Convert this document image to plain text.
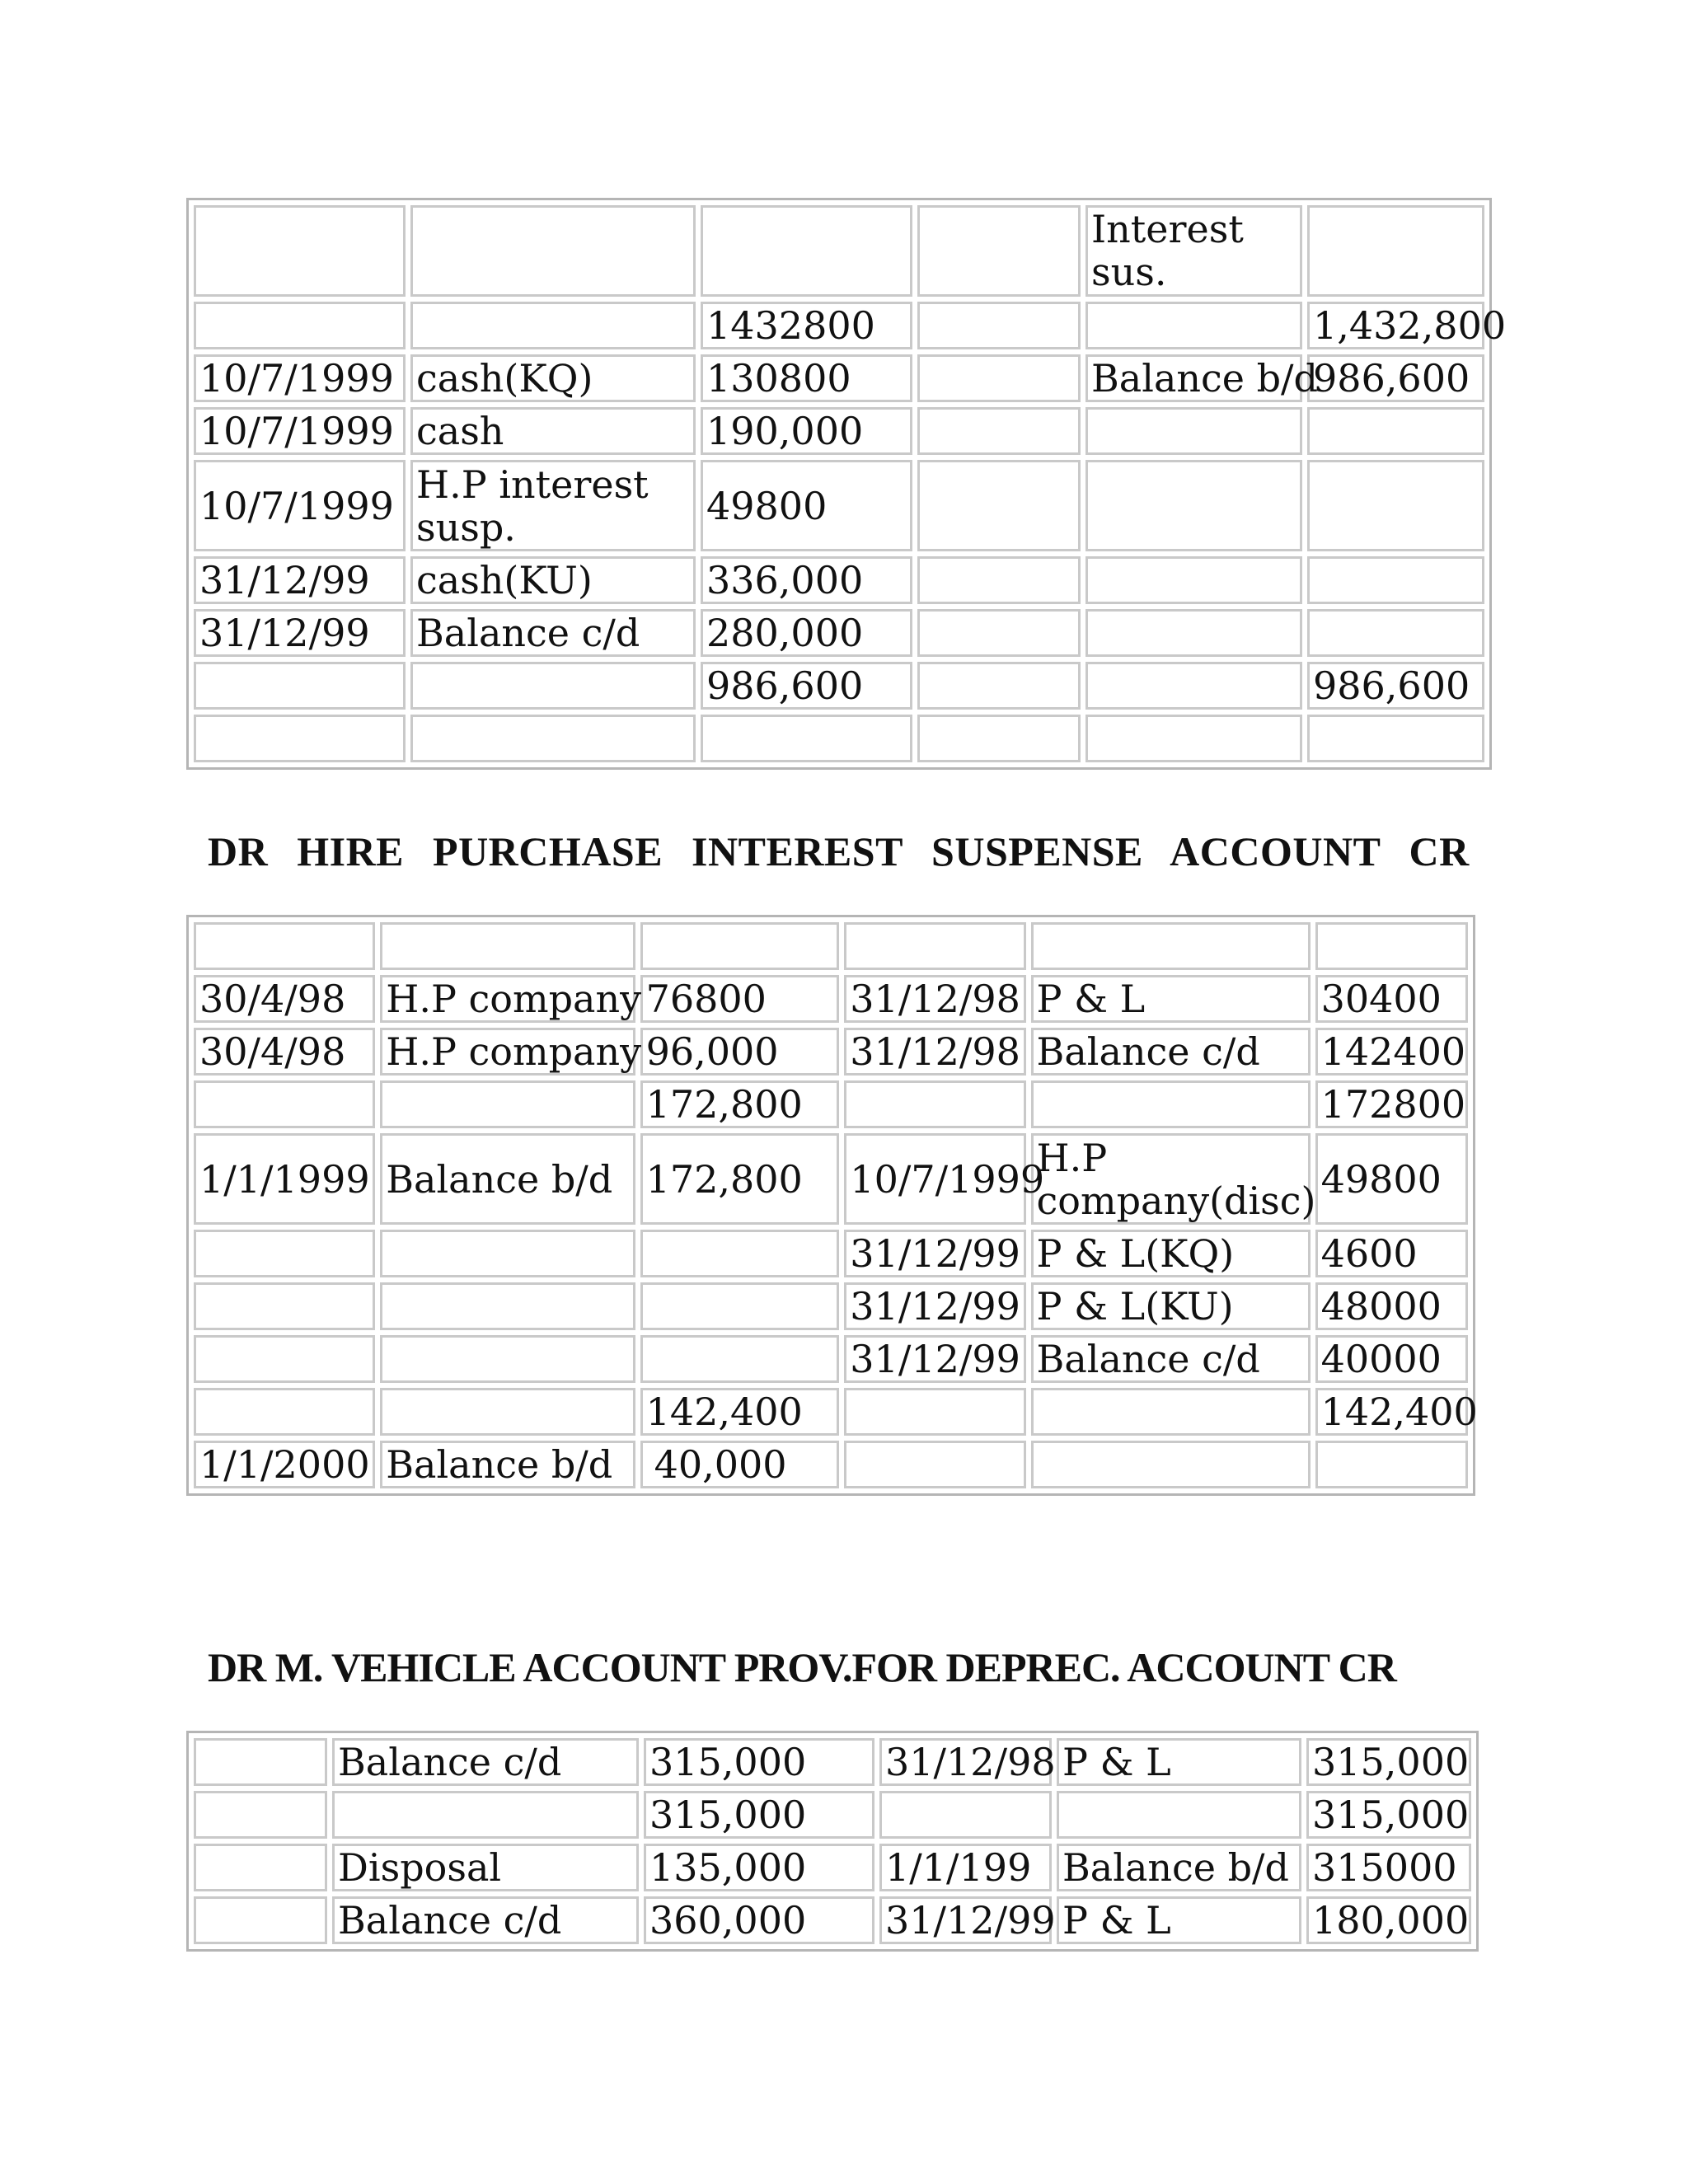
				Interest sus.	
		1432800			1,432,800
10/7/1999	cash(KQ)	130800		Balance b/d	986,600
10/7/1999	cash	190,000			
10/7/1999	H.P interest susp.	49800			
31/12/99	cash(KU)	336,000			
31/12/99	Balance c/d	280,000			
		986,600			986,600

DR HIRE PURCHASE INTEREST SUSPENSE ACCOUNT CR

30/4/98	H.P company	76800	31/12/98	P & L	30400
30/4/98	H.P company	96,000	31/12/98	Balance c/d	142400
		172,800			172800
1/1/1999	Balance b/d	172,800	10/7/1999	H.P company(disc)	49800
			31/12/99	P & L(KQ)	4600
			31/12/99	P & L(KU)	48000
			31/12/99	Balance c/d	40000
		142,400			142,400
1/1/2000	Balance b/d	40,000			
DR M. VEHICLE ACCOUNT PROV.FOR DEPREC. ACCOUNT CR
	Balance c/d	315,000	31/12/98	P & L	315,000
		315,000			315,000
	Disposal	135,000	1/1/199	Balance b/d	315000
	Balance c/d	360,000	31/12/99	P & L	180,000
